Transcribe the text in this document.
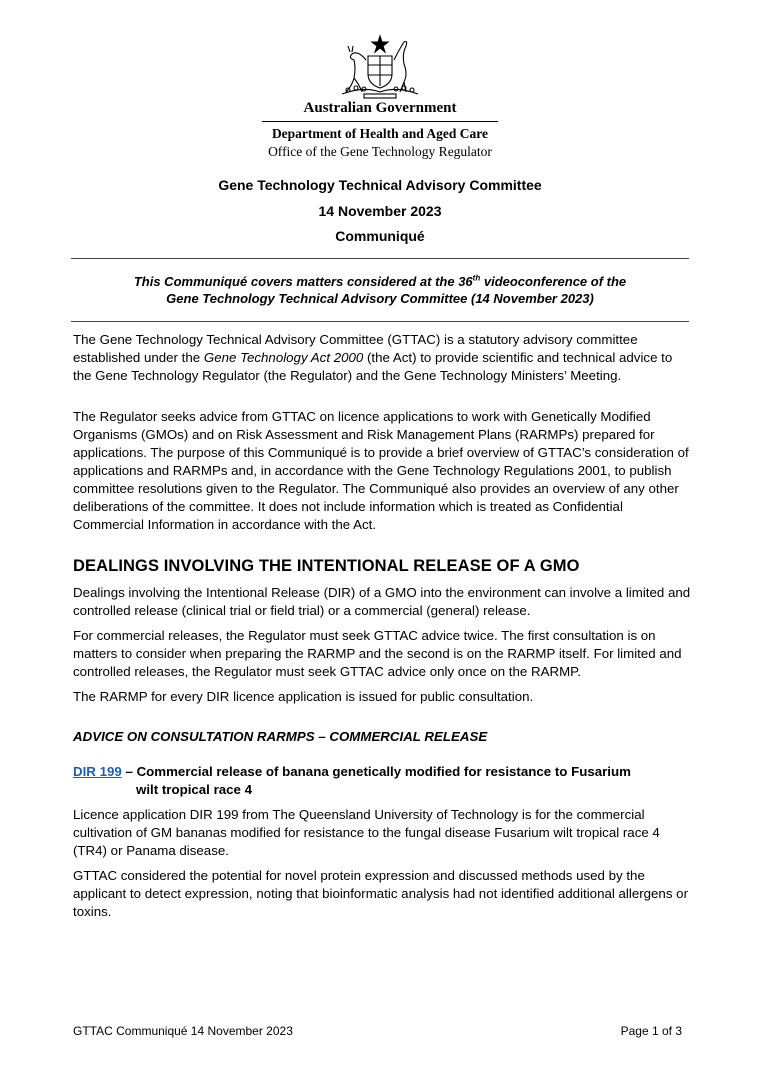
Australian Government
Department of Health and Aged Care
Office of the Gene Technology Regulator
Gene Technology Technical Advisory Committee
14 November 2023
Communiqué
This Communiqué covers matters considered at the 36th videoconference of the
Gene Technology Technical Advisory Committee (14 November 2023)

The Gene Technology Technical Advisory Committee (GTTAC) is a statutory advisory committee established under the Gene Technology Act 2000 (the Act) to provide scientific and technical advice to the Gene Technology Regulator (the Regulator) and the Gene Technology Ministers’ Meeting.

The Regulator seeks advice from GTTAC on licence applications to work with Genetically Modified Organisms (GMOs) and on Risk Assessment and Risk Management Plans (RARMPs) prepared for applications. The purpose of this Communiqué is to provide a brief overview of GTTAC’s consideration of applications and RARMPs and, in accordance with the Gene Technology Regulations 2001, to publish committee resolutions given to the Regulator. The Communiqué also provides an overview of any other deliberations of the committee. It does not include information which is treated as Confidential Commercial Information in accordance with the Act.

DEALINGS INVOLVING THE INTENTIONAL RELEASE OF A GMO

Dealings involving the Intentional Release (DIR) of a GMO into the environment can involve a limited and controlled release (clinical trial or field trial) or a commercial (general) release.

For commercial releases, the Regulator must seek GTTAC advice twice. The first consultation is on matters to consider when preparing the RARMP and the second is on the RARMP itself. For limited and controlled releases, the Regulator must seek GTTAC advice only once on the RARMP.

The RARMP for every DIR licence application is issued for public consultation.

ADVICE ON CONSULTATION RARMPS – COMMERCIAL RELEASE
DIR 199 – Commercial release of banana genetically modified for resistance to Fusarium
wilt tropical race 4

Licence application DIR 199 from The Queensland University of Technology is for the commercial cultivation of GM bananas modified for resistance to the fungal disease Fusarium wilt tropical race 4 (TR4) or Panama disease.

GTTAC considered the potential for novel protein expression and discussed methods used by the applicant to detect expression, noting that bioinformatic analysis had not identified additional allergens or toxins.

GTTAC Communiqué 14 November 2023	Page 1 of 3
